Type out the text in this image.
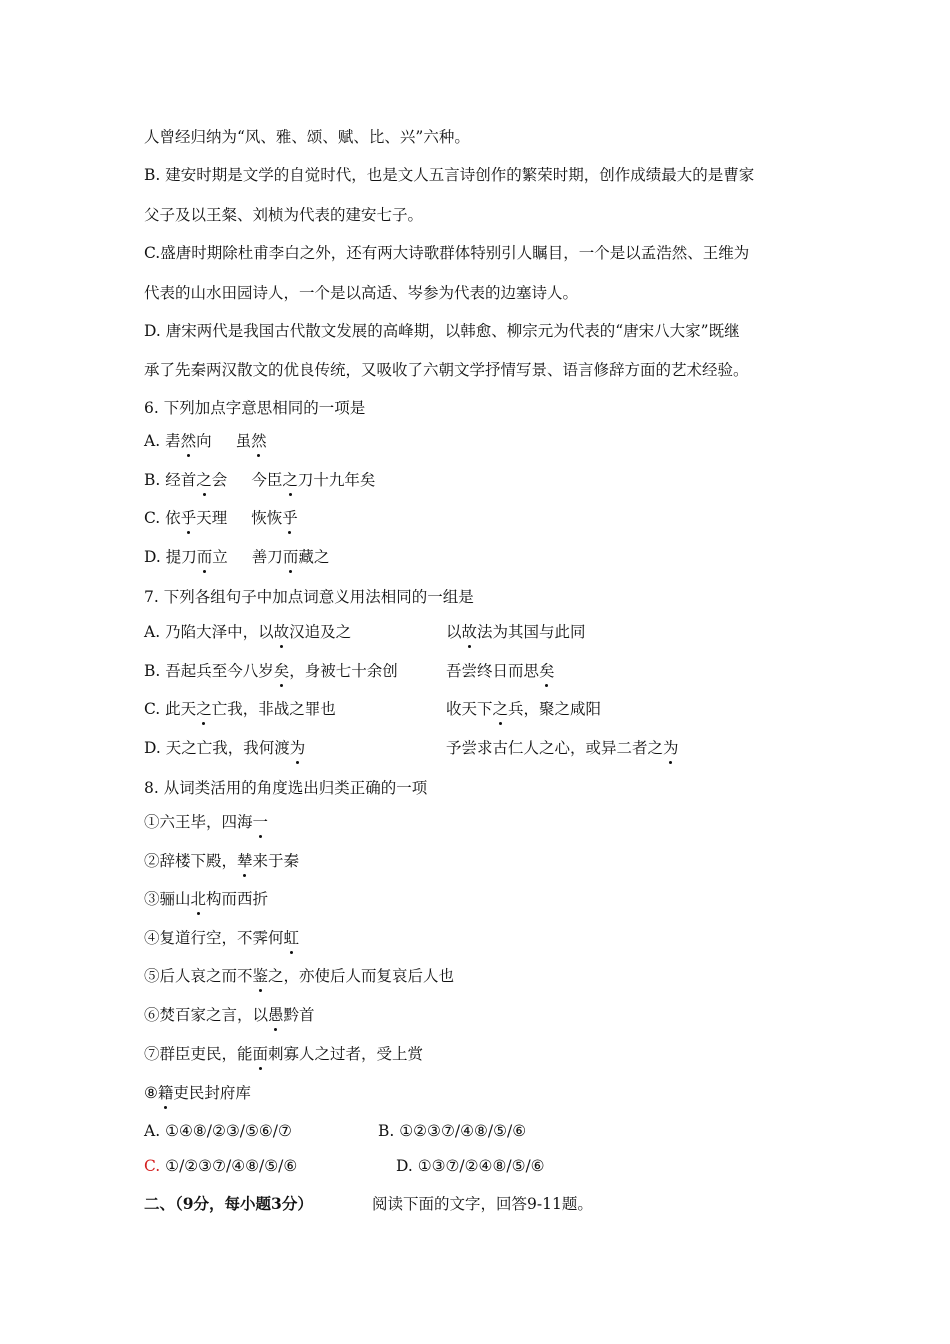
人曾经归纳为“风、雅、颂、赋、比、兴”六种。
B. 建安时期是文学的自觉时代，也是文人五言诗创作的繁荣时期，创作成绩最大的是曹家
父子及以王粲、刘桢为代表的建安七子。
C.盛唐时期除杜甫李白之外，还有两大诗歌群体特别引人瞩目，一个是以孟浩然、王维为
代表的山水田园诗人，一个是以高适、岑参为代表的边塞诗人。
D. 唐宋两代是我国古代散文发展的高峰期，以韩愈、柳宗元为代表的“唐宋八大家”既继
承了先秦两汉散文的优良传统，又吸收了六朝文学抒情写景、语言修辞方面的艺术经验。
6. 下列加点字意思相同的一项是
A. 砉然向 虽然
B. 经首之会 今臣之刀十九年矣
C. 依乎天理 恢恢乎
D. 提刀而立 善刀而藏之
7. 下列各组句子中加点词意义用法相同的一组是
A. 乃陷大泽中，以故汉追及之	以故法为其国与此同
B. 吾起兵至今八岁矣，身被七十余创	吾尝终日而思矣
C. 此天之亡我，非战之罪也	收天下之兵，聚之咸阳
D. 天之亡我，我何渡为	予尝求古仁人之心，或异二者之为
8. 从词类活用的角度选出归类正确的一项
①六王毕，四海一
②辞楼下殿，辇来于秦
③骊山北构而西折
④复道行空，不霁何虹
⑤后人哀之而不鉴之，亦使后人而复哀后人也
⑥焚百家之言，以愚黔首
⑦群臣吏民，能面刺寡人之过者，受上赏
⑧籍吏民封府库
A. ①④⑧/②③/⑤⑥/⑦	B. ①②③⑦/④⑧/⑤/⑥
C. ①/②③⑦/④⑧/⑤/⑥	D. ①③⑦/②④⑧/⑤/⑥
二、（9分，每小题3分）	阅读下面的文字，回答9-11题。
